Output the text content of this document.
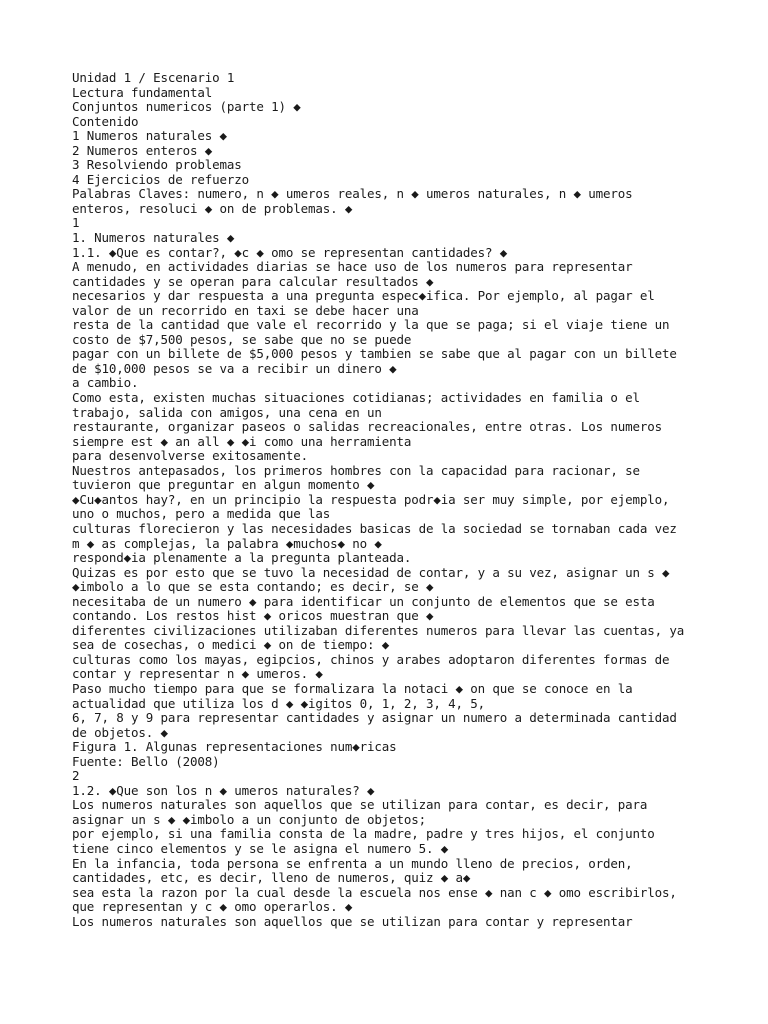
Unidad 1 / Escenario 1

Lectura fundamental

Conjuntos numericos (parte 1) ◆

Contenido

1 Numeros naturales ◆

2 Numeros enteros ◆

3 Resolviendo problemas

4 Ejercicios de refuerzo

Palabras Claves: numero, n ◆ umeros reales, n ◆ umeros naturales, n ◆ umeros

enteros, resoluci ◆ on de problemas. ◆

1

1. Numeros naturales ◆

1.1. ◆Que es contar?, ◆c ◆ omo se representan cantidades? ◆

A menudo, en actividades diarias se hace uso de los numeros para representar

cantidades y se operan para calcular resultados ◆

necesarios y dar respuesta a una pregunta espec◆ifica. Por ejemplo, al pagar el

valor de un recorrido en taxi se debe hacer una

resta de la cantidad que vale el recorrido y la que se paga; si el viaje tiene un

costo de $7,500 pesos, se sabe que no se puede

pagar con un billete de $5,000 pesos y tambien se sabe que al pagar con un billete

de $10,000 pesos se va a recibir un dinero ◆

a cambio.

Como esta, existen muchas situaciones cotidianas; actividades en familia o el

trabajo, salida con amigos, una cena en un

restaurante, organizar paseos o salidas recreacionales, entre otras. Los numeros

siempre est ◆ an all ◆ ◆i como una herramienta

para desenvolverse exitosamente.

Nuestros antepasados, los primeros hombres con la capacidad para racionar, se

tuvieron que preguntar en algun momento ◆

◆Cu◆antos hay?, en un principio la respuesta podr◆ia ser muy simple, por ejemplo,

uno o muchos, pero a medida que las

culturas florecieron y las necesidades basicas de la sociedad se tornaban cada vez

m ◆ as complejas, la palabra ◆muchos◆ no ◆

respond◆ia plenamente a la pregunta planteada.

Quizas es por esto que se tuvo la necesidad de contar, y a su vez, asignar un s ◆

◆imbolo a lo que se esta contando; es decir, se ◆

necesitaba de un numero ◆ para identificar un conjunto de elementos que se esta

contando. Los restos hist ◆ oricos muestran que ◆

diferentes civilizaciones utilizaban diferentes numeros para llevar las cuentas, ya

sea de cosechas, o medici ◆ on de tiempo: ◆

culturas como los mayas, egipcios, chinos y arabes adoptaron diferentes formas de

contar y representar n ◆ umeros. ◆

Paso mucho tiempo para que se formalizara la notaci ◆ on que se conoce en la

actualidad que utiliza los d ◆ ◆igitos 0, 1, 2, 3, 4, 5,

6, 7, 8 y 9 para representar cantidades y asignar un numero a determinada cantidad

de objetos. ◆

Figura 1. Algunas representaciones num◆ricas

Fuente: Bello (2008)

2

1.2. ◆Que son los n ◆ umeros naturales? ◆

Los numeros naturales son aquellos que se utilizan para contar, es decir, para

asignar un s ◆ ◆imbolo a un conjunto de objetos;

por ejemplo, si una familia consta de la madre, padre y tres hijos, el conjunto

tiene cinco elementos y se le asigna el numero 5. ◆

En la infancia, toda persona se enfrenta a un mundo lleno de precios, orden,

cantidades, etc, es decir, lleno de numeros, quiz ◆ a◆

sea esta la razon por la cual desde la escuela nos ense ◆ nan c ◆ omo escribirlos,

que representan y c ◆ omo operarlos. ◆

Los numeros naturales son aquellos que se utilizan para contar y representar
